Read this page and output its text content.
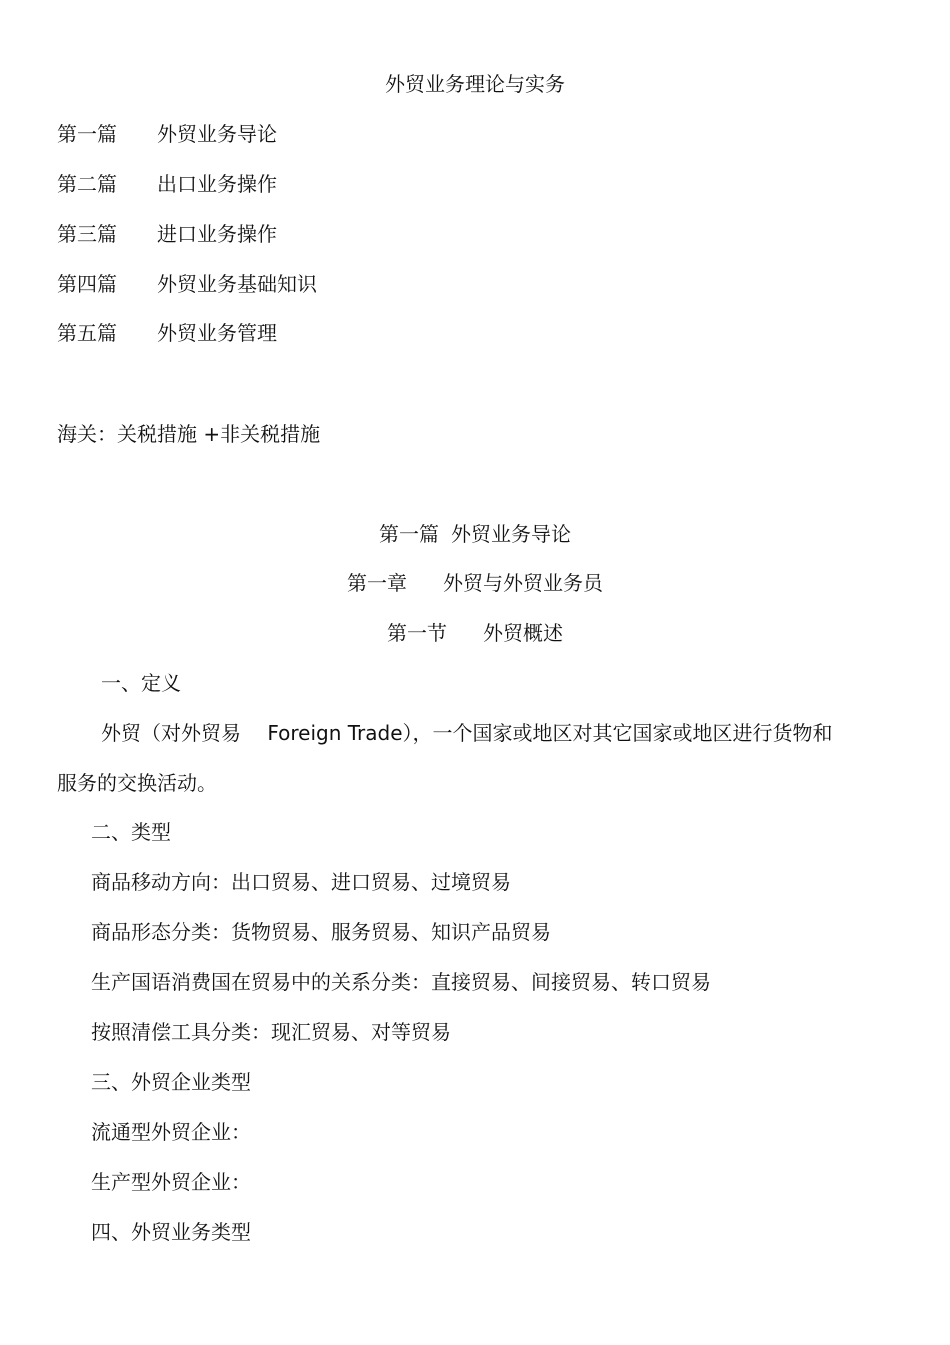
外贸业务理论与实务
第一篇 外贸业务导论
第二篇 出口业务操作
第三篇 进口业务操作
第四篇 外贸业务基础知识
第五篇 外贸业务管理
海关：关税措施 +非关税措施
第一篇 外贸业务导论
第一章 外贸与外贸业务员
第一节 外贸概述
一、定义
外贸（对外贸易　 Foreign Trade），一个国家或地区对其它国家或地区进行货物和
服务的交换活动。
二、类型
商品移动方向：出口贸易、进口贸易、过境贸易
商品形态分类：货物贸易、服务贸易、知识产品贸易
生产国语消费国在贸易中的关系分类：直接贸易、间接贸易、转口贸易
按照清偿工具分类：现汇贸易、对等贸易
三、外贸企业类型
流通型外贸企业：
生产型外贸企业：
四、外贸业务类型
